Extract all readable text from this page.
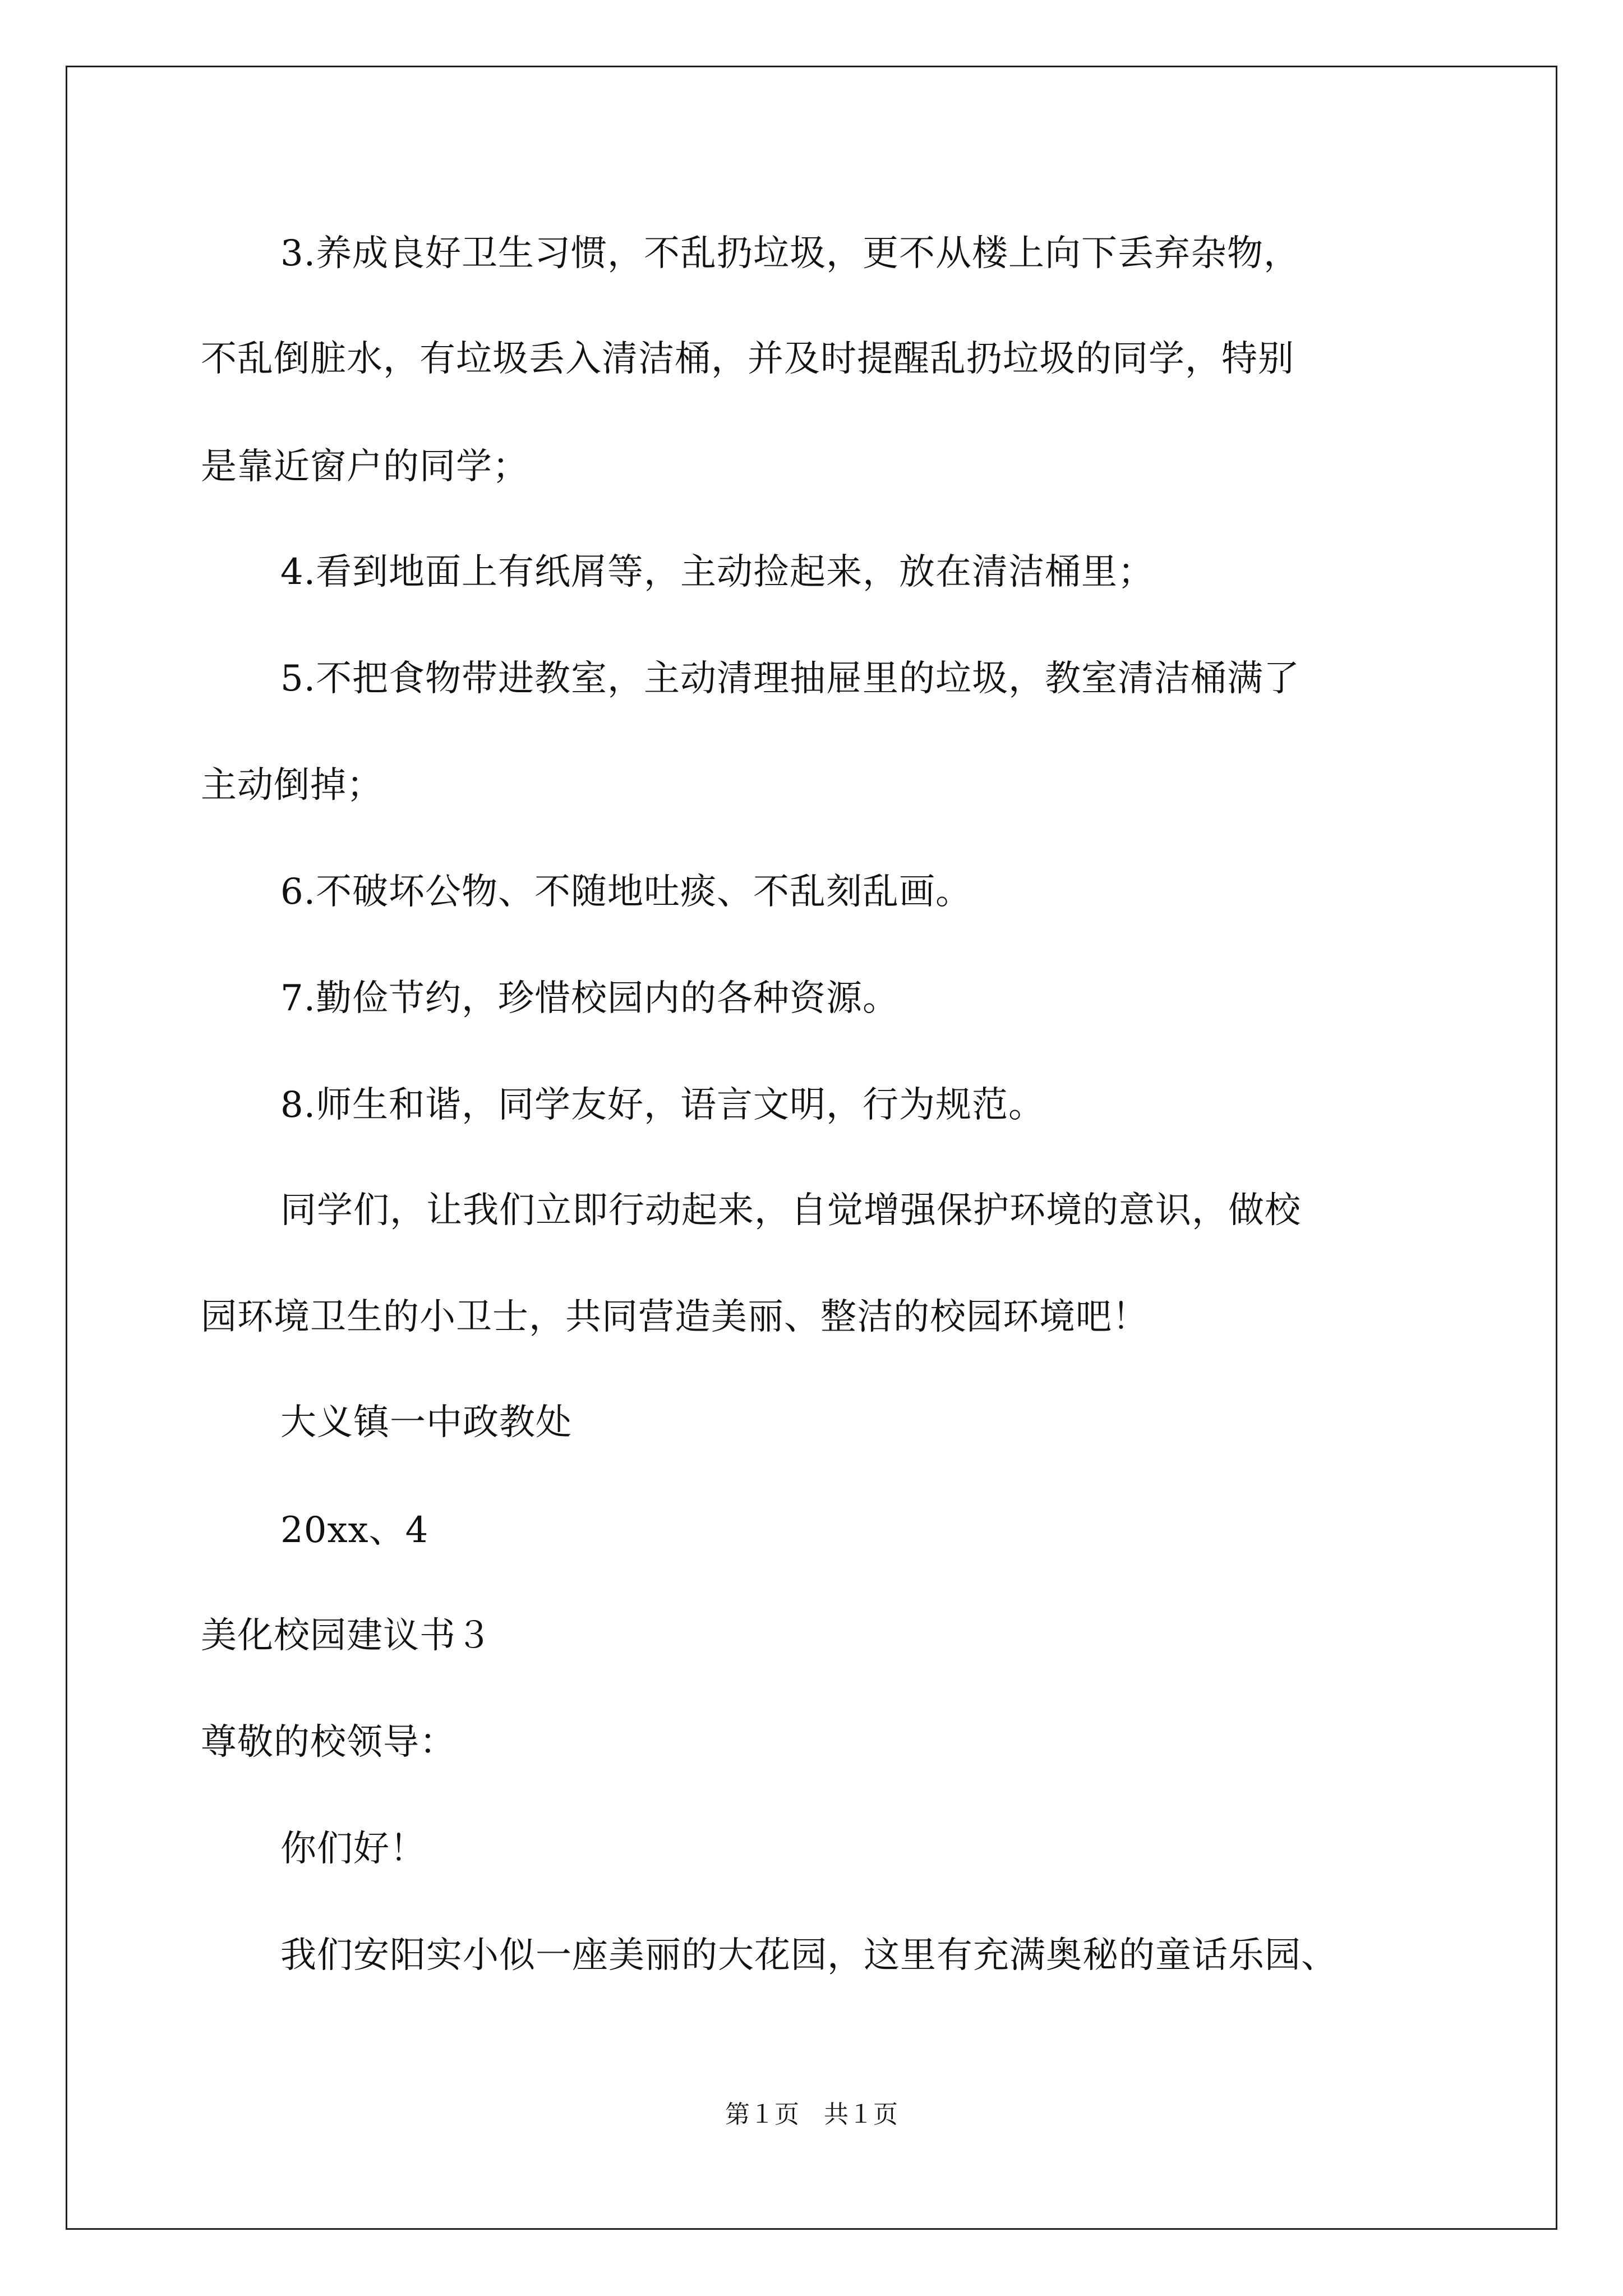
3.养成良好卫生习惯，不乱扔垃圾，更不从楼上向下丢弃杂物，
不乱倒脏水，有垃圾丢入清洁桶，并及时提醒乱扔垃圾的同学，特别
是靠近窗户的同学；
4.看到地面上有纸屑等，主动捡起来，放在清洁桶里；
5.不把食物带进教室，主动清理抽屉里的垃圾，教室清洁桶满了
主动倒掉；
6.不破坏公物、不随地吐痰、不乱刻乱画。
7.勤俭节约，珍惜校园内的各种资源。
8.师生和谐，同学友好，语言文明，行为规范。
同学们，让我们立即行动起来，自觉增强保护环境的意识，做校
园环境卫生的小卫士，共同营造美丽、整洁的校园环境吧！
大义镇一中政教处
20xx、4
美化校园建议书３
尊敬的校领导：
你们好！
我们安阳实小似一座美丽的大花园，这里有充满奥秘的童话乐园、
第１页　共１页
